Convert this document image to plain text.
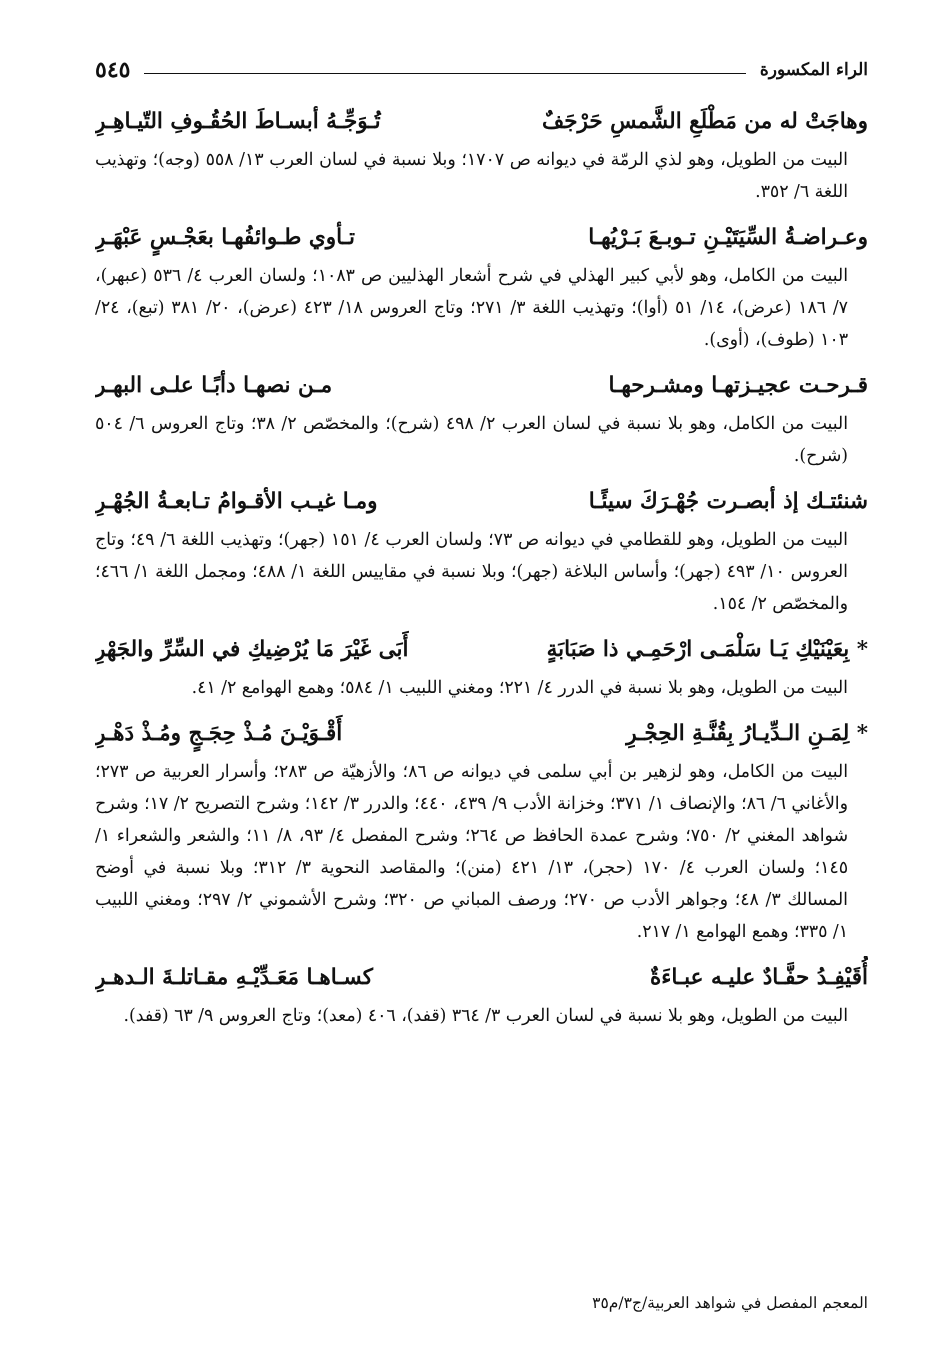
الراء المكسورة
٥٤٥
وهاجَتْ له من مَطْلَعِ الشَّمسِ حَرْجَفٌ
تُـوَجِّـهُ أبسـاطَ الحُقُـوفِ التّيـاهِـرِ
البيت من الطويل، وهو لذي الرمّة في ديوانه ص ١٧٠٧؛ وبلا نسبة في لسان العرب ١٣/ ٥٥٨ (وجه)؛ وتهذيب اللغة ٦/ ٣٥٢.
وعـراضـةُ السِّيَتَيْـنِ تـوبـعَ بَـرْيُهـا
تـأوي طـوائفُهـا بعَجْـسٍ عَبْهَـرِ
البيت من الكامل، وهو لأبي كبير الهذلي في شرح أشعار الهذليين ص ١٠٨٣؛ ولسان العرب ٤/ ٥٣٦ (عبهر)، ٧/ ١٨٦ (عرض)، ١٤/ ٥١ (أوا)؛ وتهذيب اللغة ٣/ ٢٧١؛ وتاج العروس ١٨/ ٤٢٣ (عرض)، ٢٠/ ٣٨١ (تبع)، ٢٤/ ١٠٣ (طوف)، (أوى).
قـرحـت عجيـزتهـا ومشـرحهـا
مـن نصهـا دأبًـا علـى البهـر
البيت من الكامل، وهو بلا نسبة في لسان العرب ٢/ ٤٩٨ (شرح)؛ والمخصّص ٢/ ٣٨؛ وتاج العروس ٦/ ٥٠٤ (شرح).
شنئتـك إذ أبصـرت جُهْـرَكَ سيئًـا
ومـا غيـب الأقـوامُ تـابعـةُ الجُهْـرِ
البيت من الطويل، وهو للقطامي في ديوانه ص ٧٣؛ ولسان العرب ٤/ ١٥١ (جهر)؛ وتهذيب اللغة ٦/ ٤٩؛ وتاج العروس ١٠/ ٤٩٣ (جهر)؛ وأساس البلاغة (جهر)؛ وبلا نسبة في مقاييس اللغة ١/ ٤٨٨؛ ومجمل اللغة ١/ ٤٦٦؛ والمخصّص ٢/ ١٥٤.
* بِعَيْنَيْكِ يَـا سَلْمَـى ارْحَمِـي ذا صَبَابَةٍ
أَبَى غَيْرَ مَا يُرْضِيكِ في السِّرِّ والجَهْرِ
البيت من الطويل، وهو بلا نسبة في الدرر ٤/ ٢٢١؛ ومغني اللبيب ١/ ٥٨٤؛ وهمع الهوامع ٢/ ٤١.
* لِمَـنِ الـدِّيـارُ بِقُنَّـةِ الحِجْـرِ
أَقْـوَيْـنَ مُـذْ حِجَـجٍ ومُـذْ دَهْـرِ
البيت من الكامل، وهو لزهير بن أبي سلمى في ديوانه ص ٨٦؛ والأزهيّة ص ٢٨٣؛ وأسرار العربية ص ٢٧٣؛ والأغاني ٦/ ٨٦؛ والإنصاف ١/ ٣٧١؛ وخزانة الأدب ٩/ ٤٣٩، ٤٤٠؛ والدرر ٣/ ١٤٢؛ وشرح التصريح ٢/ ١٧؛ وشرح شواهد المغني ٢/ ٧٥٠؛ وشرح عمدة الحافظ ص ٢٦٤؛ وشرح المفصل ٤/ ٩٣، ٨/ ١١؛ والشعر والشعراء ١/ ١٤٥؛ ولسان العرب ٤/ ١٧٠ (حجر)، ١٣/ ٤٢١ (منن)؛ والمقاصد النحوية ٣/ ٣١٢؛ وبلا نسبة في أوضح المسالك ٣/ ٤٨؛ وجواهر الأدب ص ٢٧٠؛ ورصف المباني ص ٣٢٠؛ وشرح الأشموني ٢/ ٢٩٧؛ ومغني اللبيب ١/ ٣٣٥؛ وهمع الهوامع ١/ ٢١٧.
أُقَيْفِـدُ حفَّـادٌ عليـه عبـاءَةٌ
كسـاهـا مَعَـدِّيْـهِ مقـاتلـةَ الـدهـرِ
البيت من الطويل، وهو بلا نسبة في لسان العرب ٣/ ٣٦٤ (قفد)، ٤٠٦ (معد)؛ وتاج العروس ٩/ ٦٣ (قفد).
المعجم المفصل في شواهد العربية/ج٣/م٣٥
